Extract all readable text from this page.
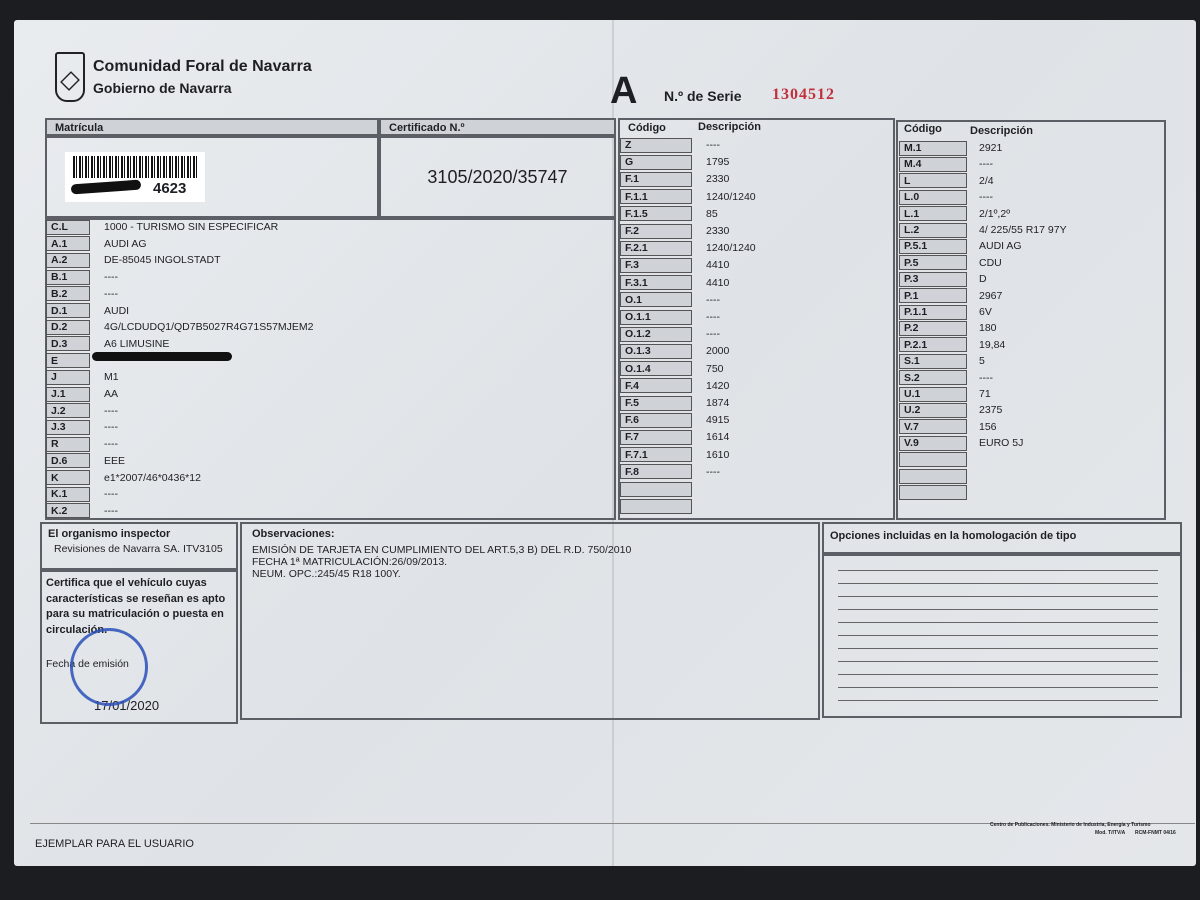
Comunidad Foral de Navarra
Gobierno de Navarra	A N.º de Serie 1304512
Matrícula	Certificado N.º
4623
3105/2020/35747
C.L	1000 - TURISMO SIN ESPECIFICAR
A.1	AUDI AG
A.2	DE-85045 INGOLSTADT
B.1	----
B.2	----
D.1	AUDI
D.2	4G/LCDUDQ1/QD7B5027R4G71S57MJEM2
D.3	A6 LIMUSINE
E
J	M1
J.1	AA
J.2	----
J.3	----
R	----
D.6	EEE
K	e1*2007/46*0436*12
K.1	----
K.2	----
Código	Descripción
Z	----
G	1795
F.1	2330
F.1.1	1240/1240
F.1.5	85
F.2	2330
F.2.1	1240/1240
F.3	4410
F.3.1	4410
O.1	----
O.1.1	----
O.1.2	----
O.1.3	2000
O.1.4	750
F.4	1420
F.5	1874
F.6	4915
F.7	1614
F.7.1	1610
F.8	----
Código	Descripción
M.1	2921
M.4	----
L	2/4
L.0	----
L.1	2/1º,2º
L.2	4/ 225/55 R17 97Y
P.5.1	AUDI AG
P.5	CDU
P.3	D
P.1	2967
P.1.1	6V
P.2	180
P.2.1	19,84
S.1	5
S.2	----
U.1	71
U.2	2375
V.7	156
V.9	EURO 5J
El organismo inspector
Revisiones de Navarra SA. ITV3105
Certifica que el vehículo cuyas características se reseñan es apto para su matriculación o puesta en circulación.
Fecha de emisión
17/01/2020
Observaciones:
EMISIÓN DE TARJETA EN CUMPLIMIENTO DEL ART.5,3 B) DEL R.D. 750/2010
FECHA 1ª MATRICULACIÓN:26/09/2013.
NEUM. OPC.:245/45 R18 100Y.
Opciones incluidas en la homologación de tipo
EJEMPLAR PARA EL USUARIO
Centro de Publicaciones. Ministerio de Industria, Energía y Turismo
Mod. T/ITV/A RCM-FNMT 04/16
